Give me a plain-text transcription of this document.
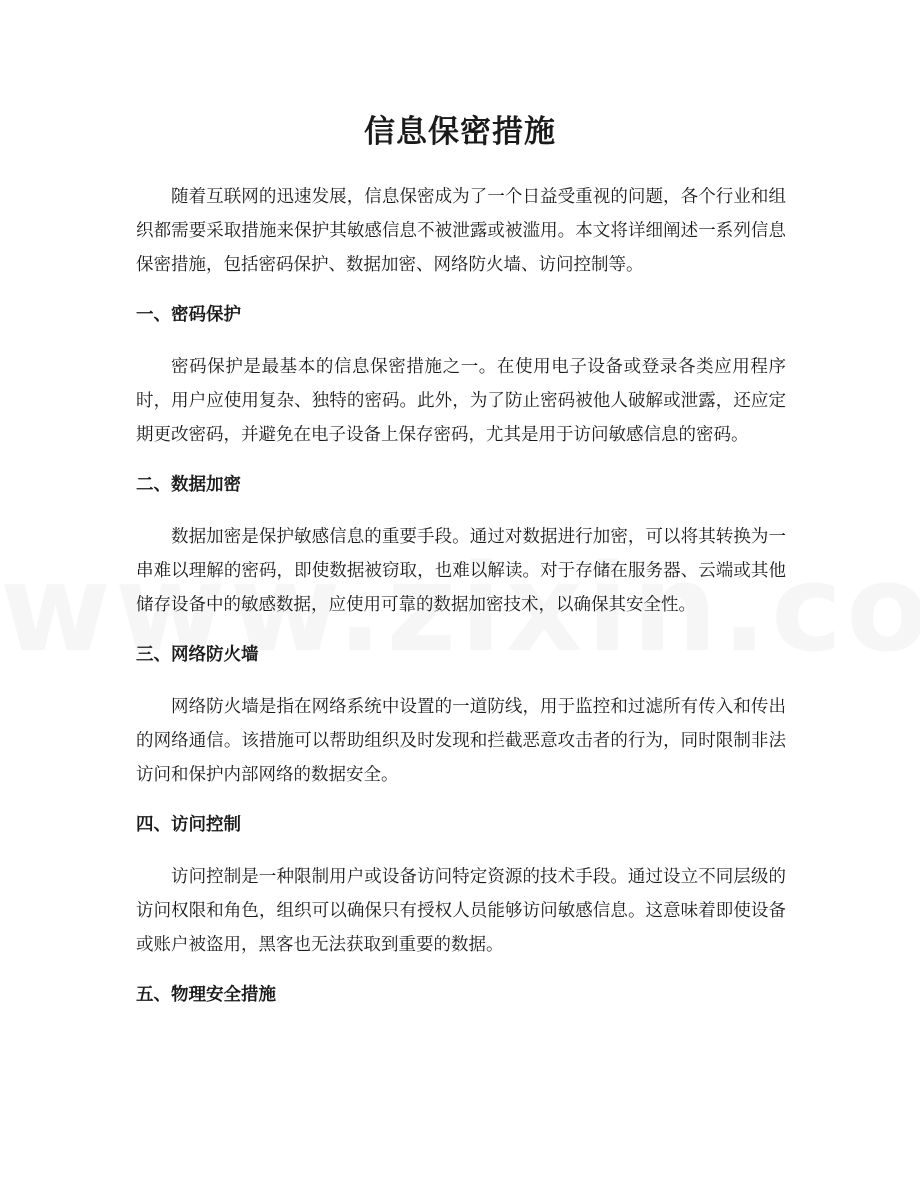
信息保密措施

随着互联网的迅速发展，信息保密成为了一个日益受重视的问题，各个行业和组织都需要采取措施来保护其敏感信息不被泄露或被滥用。本文将详细阐述一系列信息保密措施，包括密码保护、数据加密、网络防火墙、访问控制等。

一、密码保护

密码保护是最基本的信息保密措施之一。在使用电子设备或登录各类应用程序时，用户应使用复杂、独特的密码。此外，为了防止密码被他人破解或泄露，还应定期更改密码，并避免在电子设备上保存密码，尤其是用于访问敏感信息的密码。

二、数据加密

数据加密是保护敏感信息的重要手段。通过对数据进行加密，可以将其转换为一串难以理解的密码，即使数据被窃取，也难以解读。对于存储在服务器、云端或其他储存设备中的敏感数据，应使用可靠的数据加密技术，以确保其安全性。

三、网络防火墙

网络防火墙是指在网络系统中设置的一道防线，用于监控和过滤所有传入和传出的网络通信。该措施可以帮助组织及时发现和拦截恶意攻击者的行为，同时限制非法访问和保护内部网络的数据安全。

四、访问控制

访问控制是一种限制用户或设备访问特定资源的技术手段。通过设立不同层级的访问权限和角色，组织可以确保只有授权人员能够访问敏感信息。这意味着即使设备或账户被盗用，黑客也无法获取到重要的数据。

五、物理安全措施
